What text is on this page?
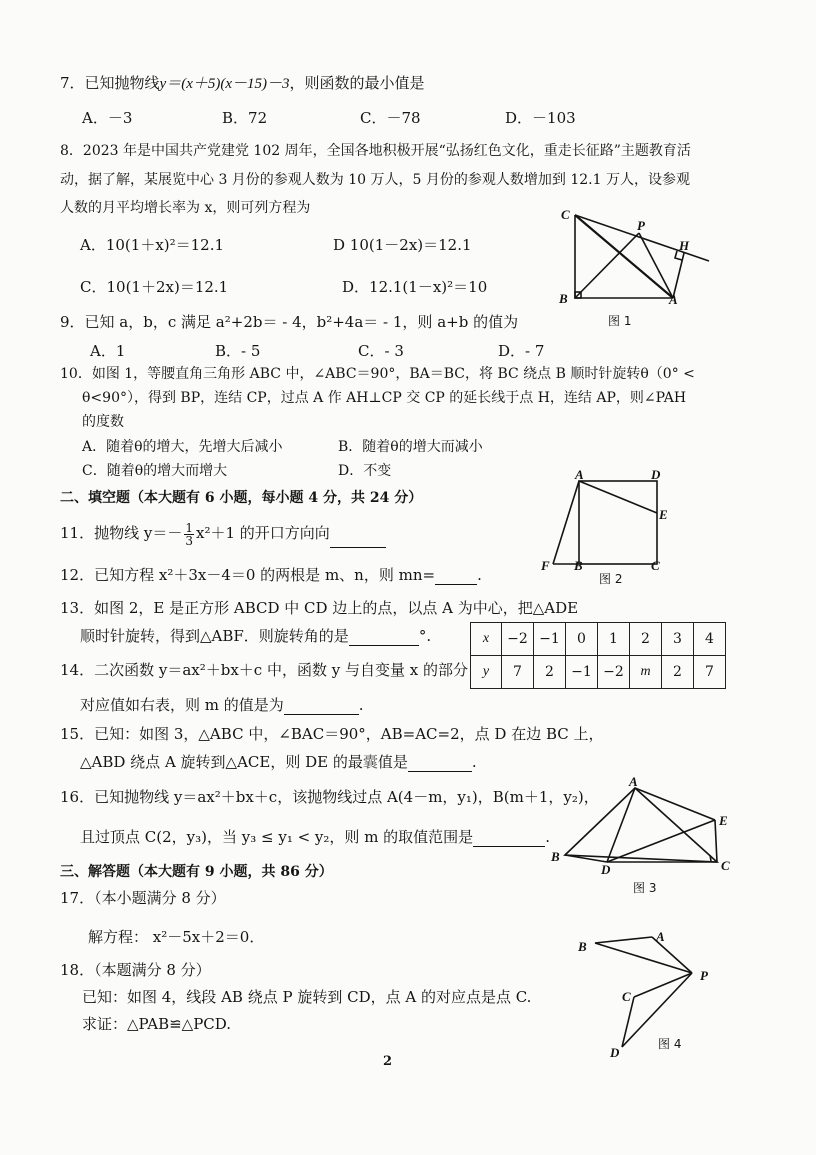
7．已知抛物线y＝(x＋5)(x－15)－3，则函数的最小值是
A．－3	B．72	C．－78	D．－103
8．2023 年是中国共产党建党 102 周年，全国各地积极开展“弘扬红色文化，重走长征路”主题教育活
动，据了解，某展览中心 3 月份的参观人数为 10 万人，5 月份的参观人数增加到 12.1 万人，设参观
人数的月平均增长率为 x，则可列方程为
A．10(1＋x)²＝12.1	D 10(1－2x)＝12.1
C．10(1＋2x)＝12.1	D．12.1(1－x)²＝10
C
P
H
B	A
图 1
9．已知 a，b，c 满足 a²+2b＝ - 4，b²+4a＝ - 1，则 a+b 的值为
A．1	B．- 5	C．- 3	D．- 7
10．如图 1，等腰直角三角形 ABC 中，∠ABC＝90°，BA＝BC，将 BC 绕点 B 顺时针旋转θ（0° <
θ<90°），得到 BP，连结 CP，过点 A 作 AH⊥CP 交 CP 的延长线于点 H，连结 AP，则∠PAH
的度数
A．随着θ的增大，先增大后减小	B．随着θ的增大而减小
C．随着θ的增大而增大	D．不变
二、填空题（本大题有 6 小题，每小题 4 分，共 24 分）
A	D
E
F B	C
图 2
11．抛物线 $y=- \frac{1}{3} x^2+1$ 的开口方向向
12．已知方程 x²＋3x－4＝0 的两根是 m、n，则 mn=	.
13．如图 2，E 是正方形 ABCD 中 CD 边上的点，以点 A 为中心，把△ADE
顺时针旋转，得到△ABF．则旋转角的是	°.
14．二次函数 y＝ax²＋bx＋c 中，函数 y 与自变量 x 的部分
对应值如右表，则 m 的值是为	.
x	−2	−1	0	1	2	3	4
y	7	2	−1	−2	m	2	7
15．已知：如图 3，△ABC 中，∠BAC＝90°，AB=AC=2，点 D 在边 BC 上，
△ABD 绕点 A 旋转到△ACE，则 DE 的最囊值是	.
16．已知抛物线 y＝ax²＋bx＋c，该抛物线过点 A(4－m，y₁)，B(m＋1，y₂)，
且过顶点 C(2，y₃)，当 y₃ ≤ y₁ < y₂，则 m 的取值范围是	.
A
E
B
D	C
图 3
三、解答题（本大题有 9 小题，共 86 分）
17．（本小题满分 8 分）
解方程： x²－5x＋2＝0．
18．（本题满分 8 分）
已知：如图 4，线段 AB 绕点 P 旋转到 CD，点 A 的对应点是点 C.
求证：△PAB≌△PCD.
B
A
P
C
D
图 4
2
